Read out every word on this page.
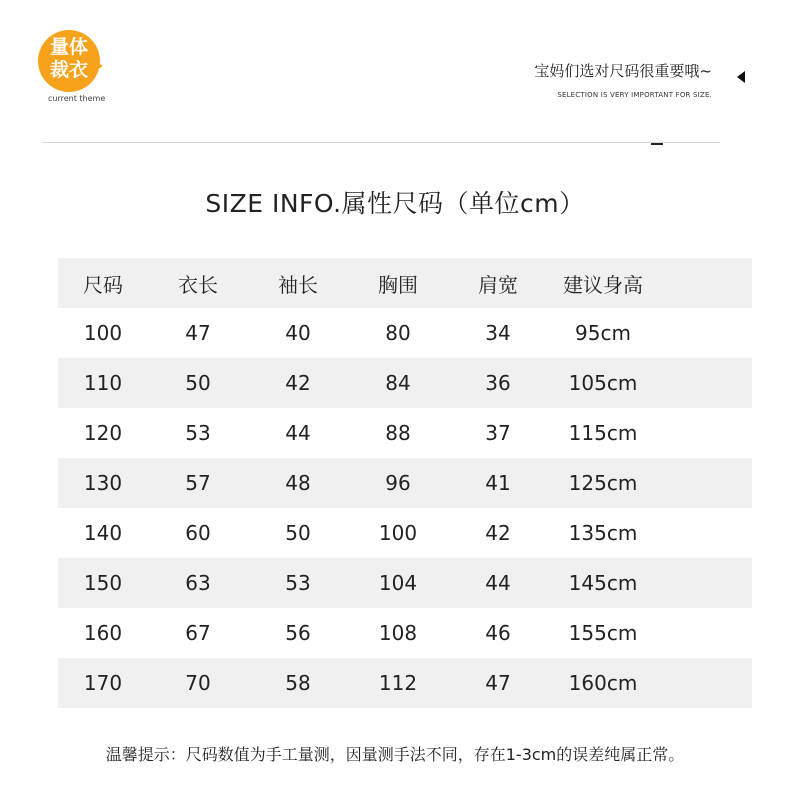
量体
裁衣
current theme
宝妈们选对尺码很重要哦~
SELECTION IS VERY IMPORTANT FOR SIZE.
SIZE INFO.属性尺码（单位cm）
尺码	衣长	袖长	胸围	肩宽	建议身高	
100	47	40	80	34	95cm	
110	50	42	84	36	105cm	
120	53	44	88	37	115cm	
130	57	48	96	41	125cm	
140	60	50	100	42	135cm	
150	63	53	104	44	145cm	
160	67	56	108	46	155cm	
170	70	58	112	47	160cm	
温馨提示：尺码数值为手工量测，因量测手法不同，存在1-3cm的误差纯属正常。
